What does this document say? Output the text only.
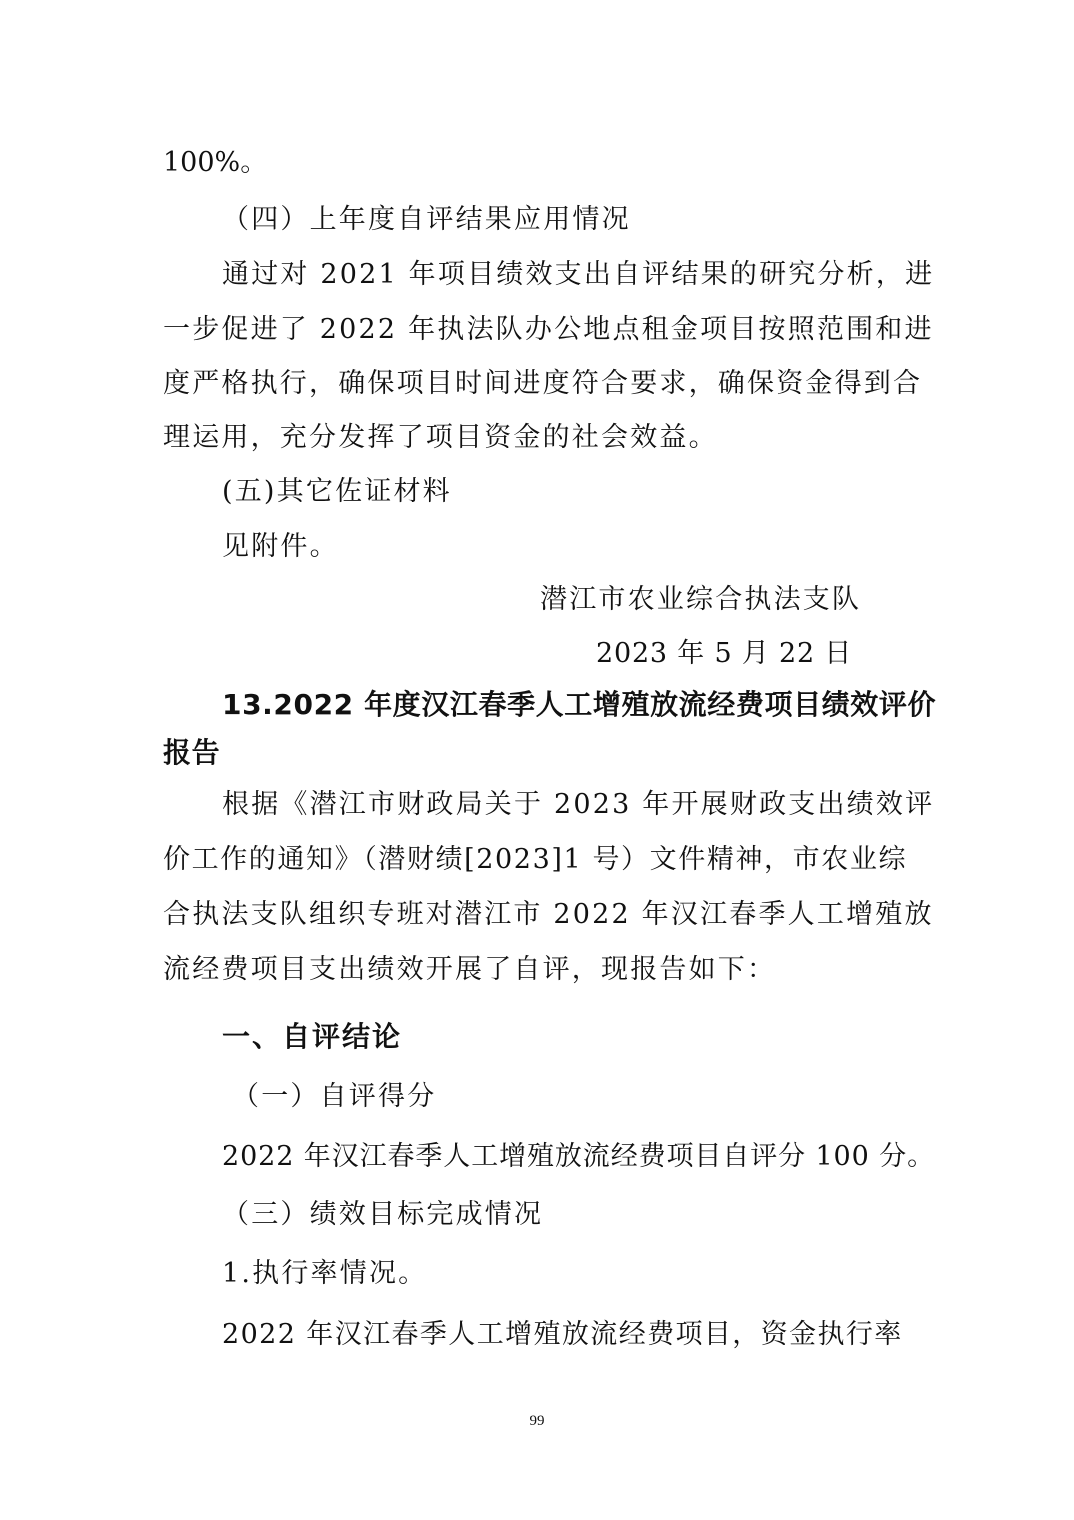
100%。
（四）上年度自评结果应用情况
通过对 2021 年项目绩效支出自评结果的研究分析，进
一步促进了 2022 年执法队办公地点租金项目按照范围和进
度严格执行，确保项目时间进度符合要求，确保资金得到合
理运用，充分发挥了项目资金的社会效益。
(五)其它佐证材料
见附件。
潜江市农业综合执法支队
2023 年 5 月 22 日
13.2022 年度汉江春季人工增殖放流经费项目绩效评价
报告
根据《潜江市财政局关于 2023 年开展财政支出绩效评
价工作的通知》（潜财绩[2023]1 号）文件精神，市农业综
合执法支队组织专班对潜江市 2022 年汉江春季人工增殖放
流经费项目支出绩效开展了自评，现报告如下：
一、自评结论
（一）自评得分
2022 年汉江春季人工增殖放流经费项目自评分 100 分。
（三）绩效目标完成情况
1.执行率情况。
2022 年汉江春季人工增殖放流经费项目，资金执行率
99
